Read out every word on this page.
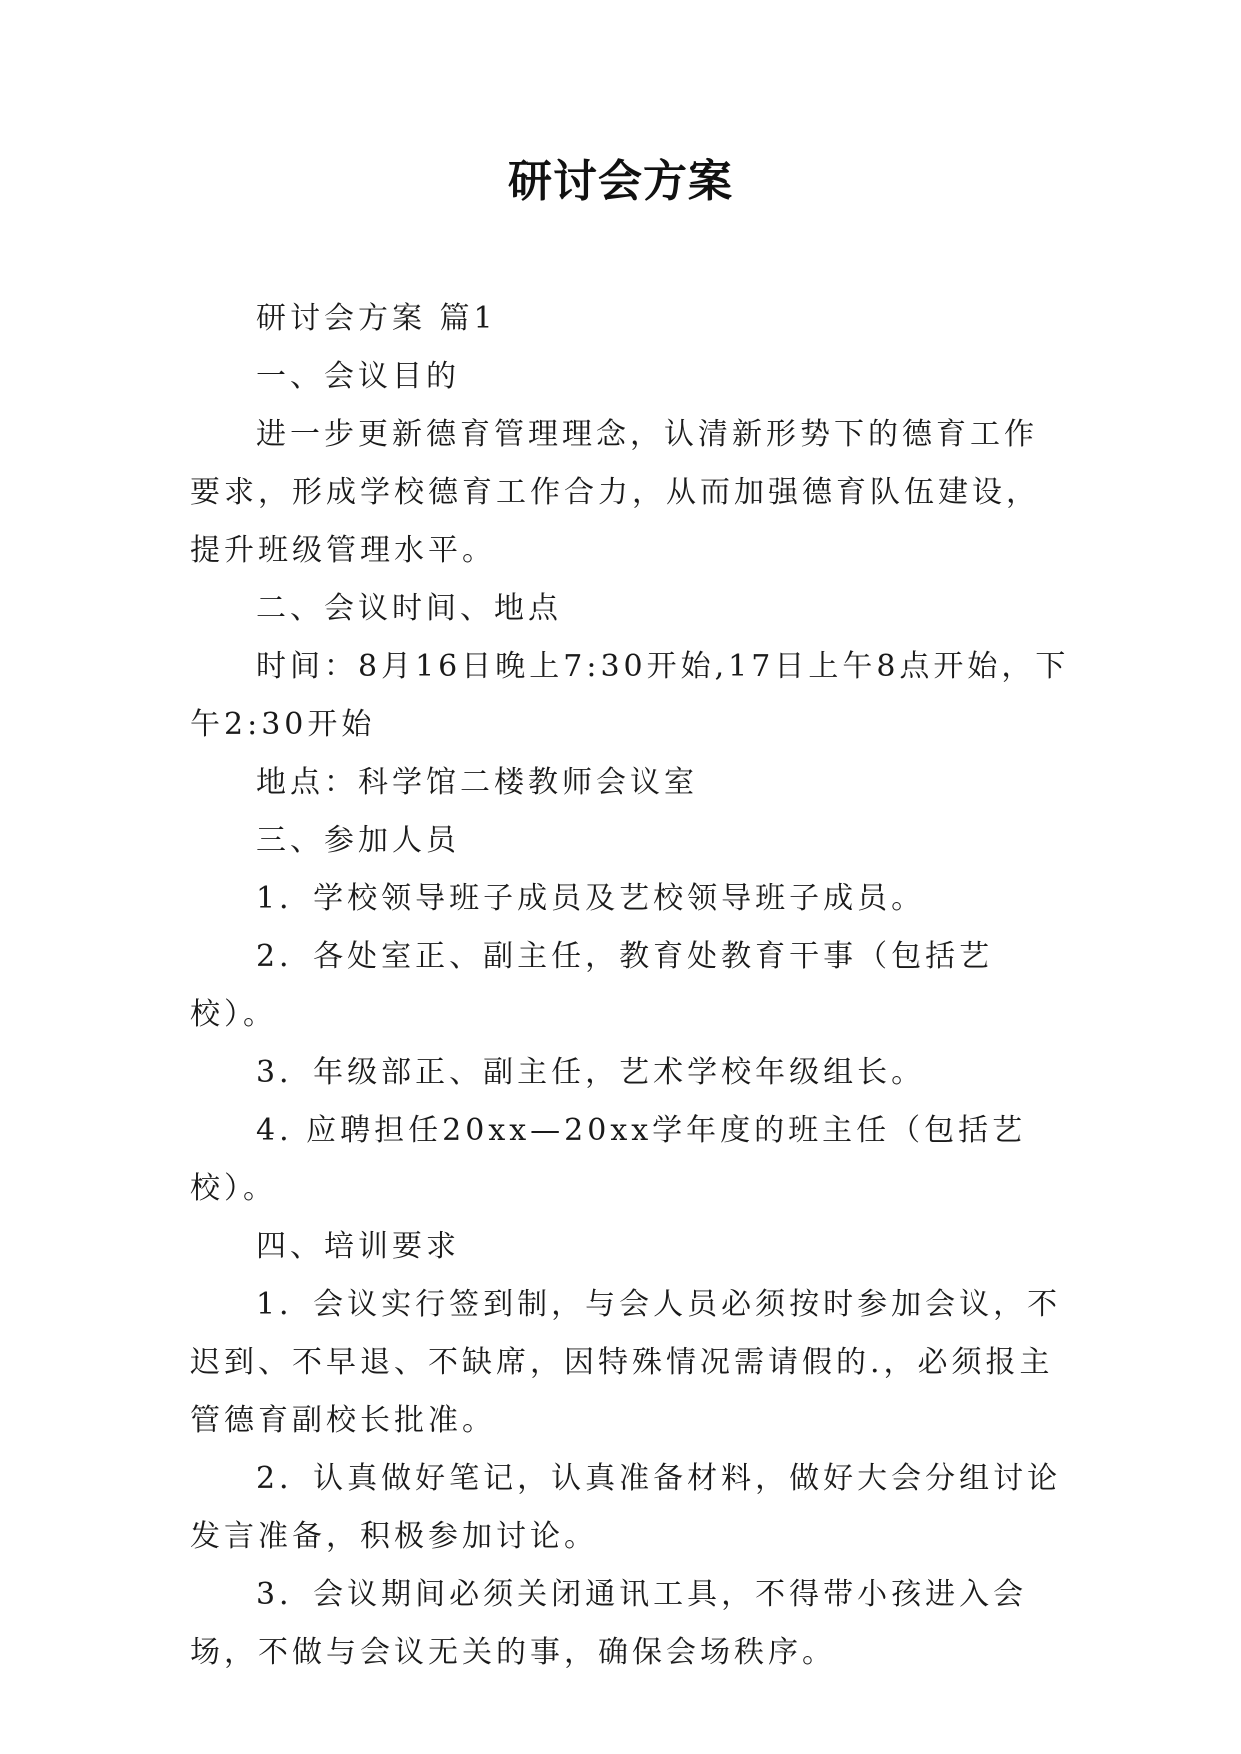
研讨会方案

研讨会方案 篇1

一、会议目的

进一步更新德育管理理念，认清新形势下的德育工作要求，形成学校德育工作合力，从而加强德育队伍建设，提升班级管理水平。

二、会议时间、地点

时间：8月16日晚上7:30开始,17日上午8点开始，下午2:30开始

地点：科学馆二楼教师会议室

三、参加人员

1．学校领导班子成员及艺校领导班子成员。

2．各处室正、副主任，教育处教育干事（包括艺校）。

3．年级部正、副主任，艺术学校年级组长。

4. 应聘担任20xx—20xx学年度的班主任（包括艺校）。

四、培训要求

1．会议实行签到制，与会人员必须按时参加会议，不迟到、不早退、不缺席，因特殊情况需请假的.，必须报主管德育副校长批准。

2．认真做好笔记，认真准备材料，做好大会分组讨论发言准备，积极参加讨论。

3．会议期间必须关闭通讯工具，不得带小孩进入会场，不做与会议无关的事，确保会场秩序。
